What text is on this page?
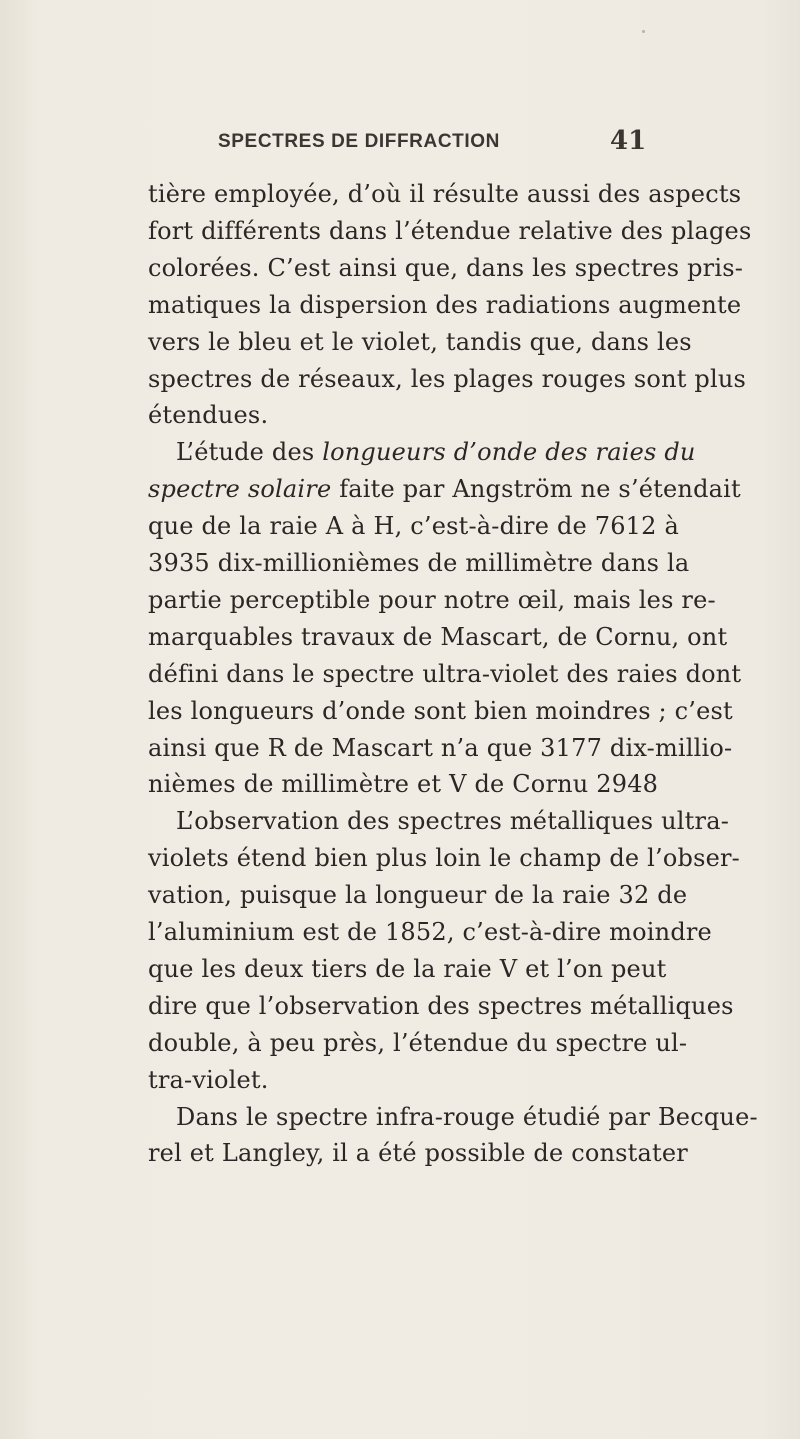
SPECTRES DE DIFFRACTION	41
tière employée, d’où il résulte aussi des aspects
fort différents dans l’étendue relative des plages
colorées. C’est ainsi que, dans les spectres pris-
matiques la dispersion des radiations augmente
vers le bleu et le violet, tandis que, dans les
spectres de réseaux, les plages rouges sont plus
étendues.
L’étude des longueurs d’onde des raies du
spectre solaire faite par Angström ne s’étendait
que de la raie A à H, c’est-à-dire de 7612 à
3935 dix-millionièmes de millimètre dans la
partie perceptible pour notre œil, mais les re-
marquables travaux de Mascart, de Cornu, ont
défini dans le spectre ultra-violet des raies dont
les longueurs d’onde sont bien moindres ; c’est
ainsi que R de Mascart n’a que 3177 dix-millio-
nièmes de millimètre et V de Cornu 2948
L’observation des spectres métalliques ultra-
violets étend bien plus loin le champ de l’obser-
vation, puisque la longueur de la raie 32 de
l’aluminium est de 1852, c’est-à-dire moindre
que les deux tiers de la raie V et l’on peut
dire que l’observation des spectres métalliques
double, à peu près, l’étendue du spectre ul-
tra-violet.
Dans le spectre infra-rouge étudié par Becque-
rel et Langley, il a été possible de constater
